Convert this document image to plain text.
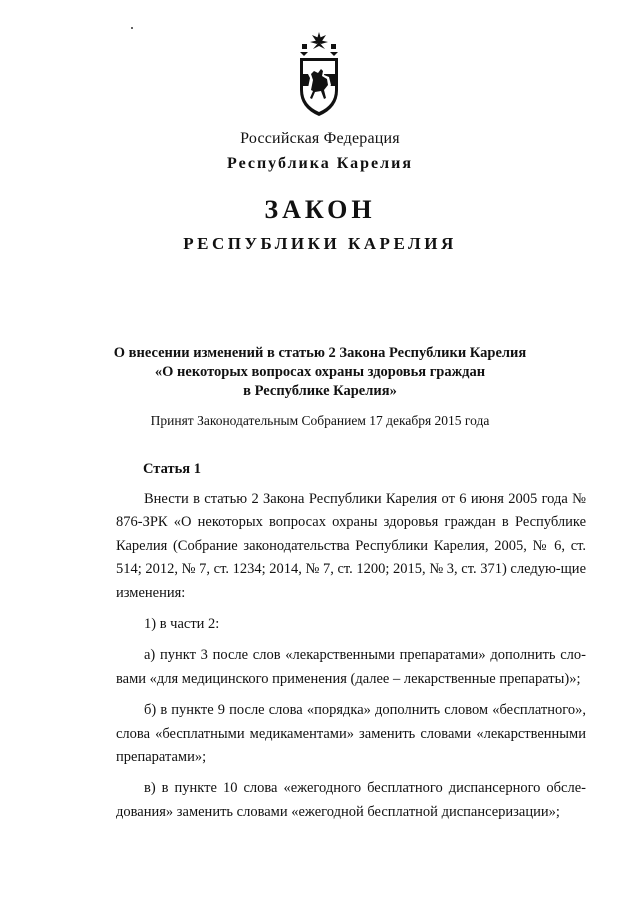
Российская Федерация
Республика Карелия
ЗАКОН
РЕСПУБЛИКИ КАРЕЛИЯ
О внесении изменений в статью 2 Закона Республики Карелия
«О некоторых вопросах охраны здоровья граждан
в Республике Карелия»
Принят Законодательным Собранием 17 декабря 2015 года
Статья 1

Внести в статью 2 Закона Республики Карелия от 6 июня 2005 года № 876-ЗРК «О некоторых вопросах охраны здоровья граждан в Республике Карелия (Собрание законодательства Республики Карелия, 2005, № 6, ст. 514; 2012, № 7, ст. 1234; 2014, № 7, ст. 1200; 2015, № 3, ст. 371) следую-щие изменения:

1) в части 2:

а) пункт 3 после слов «лекарственными препаратами» дополнить сло-вами «для медицинского применения (далее – лекарственные препараты)»;

б) в пункте 9 после слова «порядка» дополнить словом «бесплатного», слова «бесплатными медикаментами» заменить словами «лекарственными препаратами»;

в) в пункте 10 слова «ежегодного бесплатного диспансерного обсле-дования» заменить словами «ежегодной бесплатной диспансеризации»;
